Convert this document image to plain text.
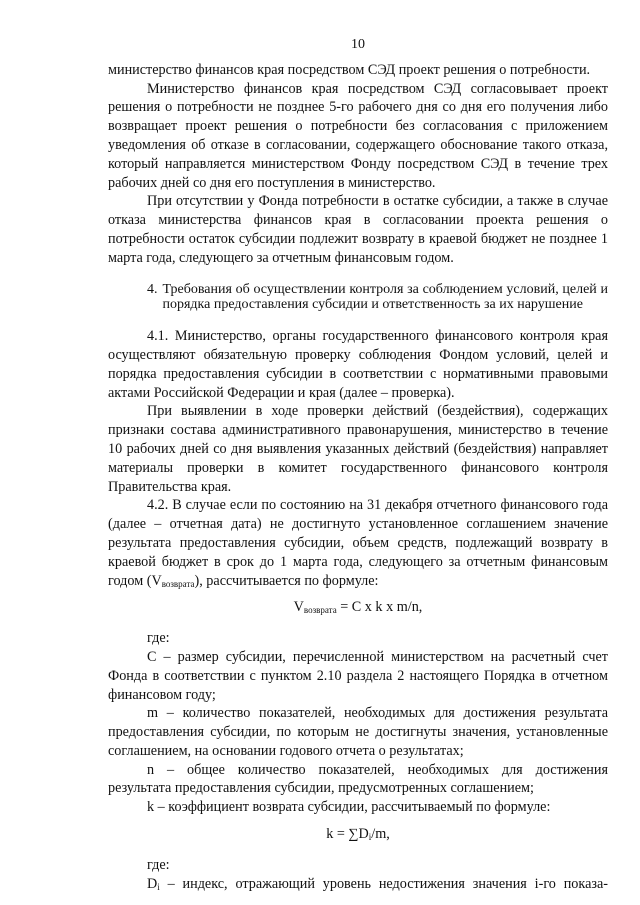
10

министерство финансов края посредством СЭД проект решения о потребности.

Министерство финансов края посредством СЭД согласовывает проект решения о потребности не позднее 5-го рабочего дня со дня его получения либо возвращает проект решения о потребности без согласования с приложением уведомления об отказе в согласовании, содержащего обоснование такого отказа, который направляется министерством Фонду посредством СЭД в течение трех рабочих дней со дня его поступления в министерство.

При отсутствии у Фонда потребности в остатке субсидии, а также в случае отказа министерства финансов края в согласовании проекта решения о потребности остаток субсидии подлежит возврату в краевой бюджет не позднее 1 марта года, следующего за отчетным финансовым годом.

4. Требования об осуществлении контроля за соблюдением условий, целей и порядка предоставления субсидии и ответственность за их нарушение

4.1. Министерство, органы государственного финансового контроля края осуществляют обязательную проверку соблюдения Фондом условий, целей и порядка предоставления субсидии в соответствии с нормативными правовыми актами Российской Федерации и края (далее – проверка).

При выявлении в ходе проверки действий (бездействия), содержащих признаки состава административного правонарушения, министерство в течение 10 рабочих дней со дня выявления указанных действий (бездействия) направляет материалы проверки в комитет государственного финансового контроля Правительства края.

4.2. В случае если по состоянию на 31 декабря отчетного финансового года (далее – отчетная дата) не достигнуто установленное соглашением значение результата предоставления субсидии, объем средств, подлежащий возврату в краевой бюджет в срок до 1 марта года, следующего за отчетным финансовым годом $(V_{возврата})$, рассчитывается по формуле:

$V_{возврата} = C$ x k x m/n,

где:

C – размер субсидии, перечисленной министерством на расчетный счет Фонда в соответствии с пунктом 2.10 раздела 2 настоящего Порядка в отчетном финансовом году;

m – количество показателей, необходимых для достижения результата предоставления субсидии, по которым не достигнуты значения, установленные соглашением, на основании годового отчета о результатах;

n – общее количество показателей, необходимых для достижения результата предоставления субсидии, предусмотренных соглашением;

k – коэффициент возврата субсидии, рассчитываемый по формуле:

$k = \sum D_i/m$,

где:

$D_i$ – индекс, отражающий уровень недостижения значения i-го показа-
